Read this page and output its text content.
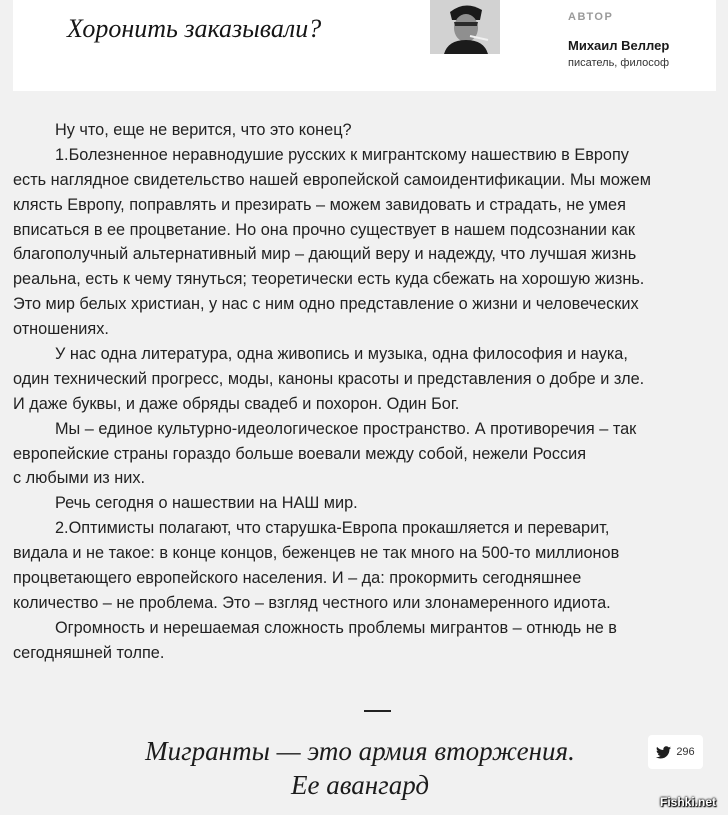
Хоронить заказывали?	АВТОР
Михаил Веллер
писатель, философ
Ну что, еще не верится, что это конец?
1.Болезненное неравнодушие русских к мигрантскому нашествию в Европу
есть наглядное свидетельство нашей европейской самоидентификации. Мы можем
клясть Европу, поправлять и презирать – можем завидовать и страдать, не умея
вписаться в ее процветание. Но она прочно существует в нашем подсознании как
благополучный альтернативный мир – дающий веру и надежду, что лучшая жизнь
реальна, есть к чему тянуться; теоретически есть куда сбежать на хорошую жизнь.
Это мир белых христиан, у нас с ним одно представление о жизни и человеческих
отношениях.
У нас одна литература, одна живопись и музыка, одна философия и наука,
один технический прогресс, моды, каноны красоты и представления о добре и зле.
И даже буквы, и даже обряды свадеб и похорон. Один Бог.
Мы – единое культурно-идеологическое пространство. А противоречия – так
европейские страны гораздо больше воевали между собой, нежели Россия
с любыми из них.
Речь сегодня о нашествии на НАШ мир.
2.Оптимисты полагают, что старушка-Европа прокашляется и переварит,
видала и не такое: в конце концов, беженцев не так много на 500-то миллионов
процветающего европейского населения. И – да: прокормить сегодняшнее
количество – не проблема. Это – взгляд честного или злонамеренного идиота.
Огромность и нерешаемая сложность проблемы мигрантов – отнюдь не в
сегодняшней толпе.
Мигранты — это армия вторжения.
Ее авангард
296
Fishki.net
